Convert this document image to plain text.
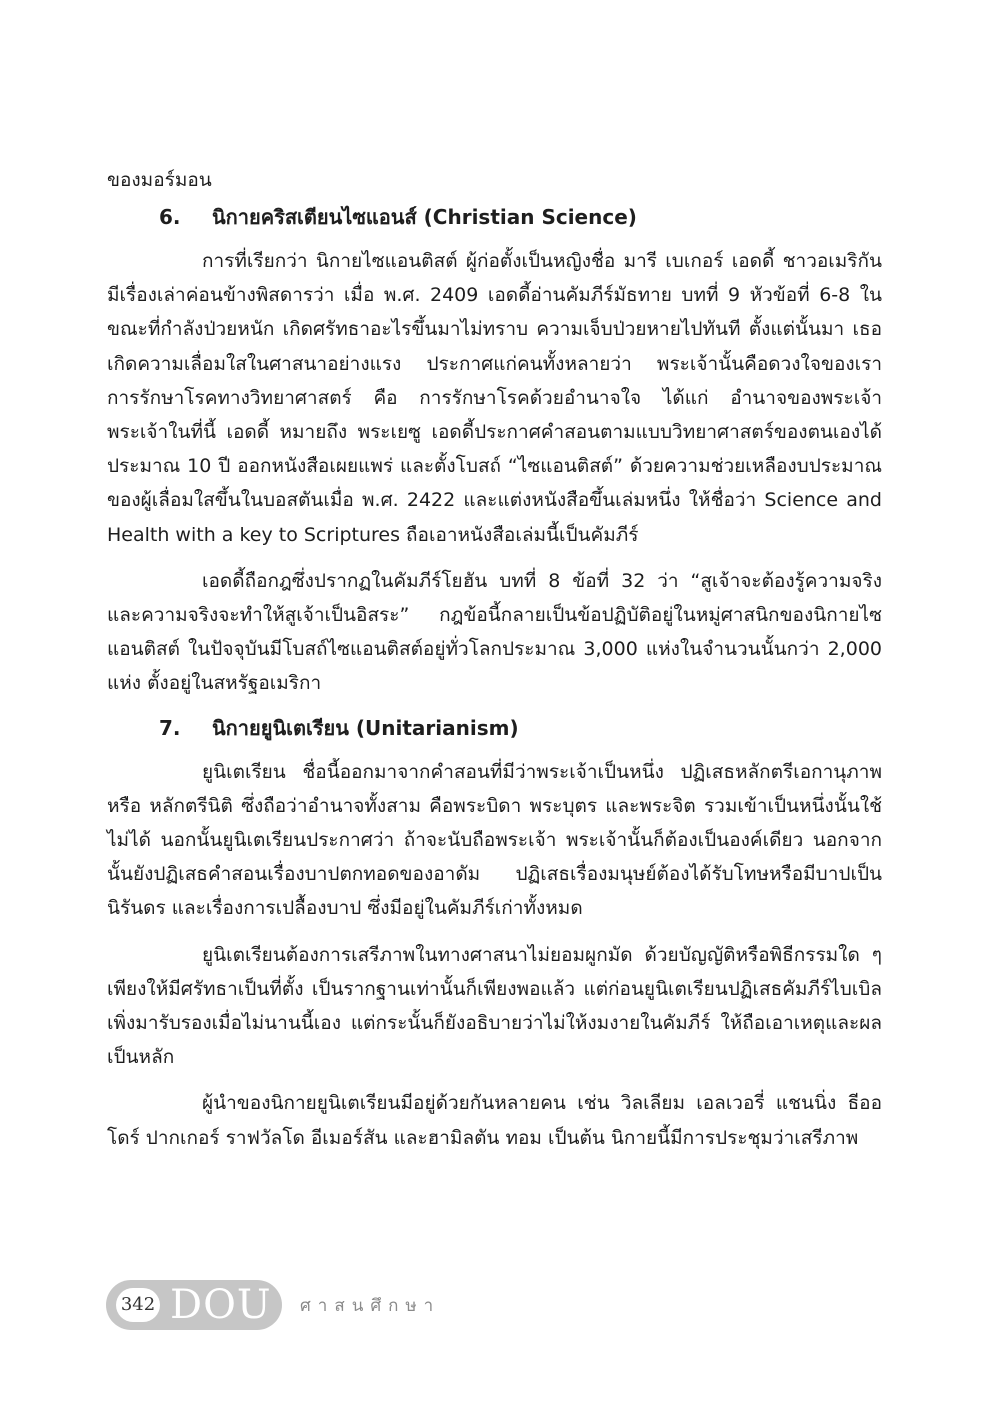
ของมอร์มอน

6.	นิกายคริสเตียนไซแอนส์ (Christian Science)

การที่เรียกว่า นิกายไซแอนติสต์ ผู้ก่อตั้งเป็นหญิงชื่อ มารี เบเกอร์ เอดดี้ ชาวอเมริกัน มีเรื่องเล่าค่อนข้างพิสดารว่า เมื่อ พ.ศ. 2409 เอดดี้อ่านคัมภีร์มัธทาย บทที่ 9 หัวข้อที่ 6-8 ในขณะที่กำลังป่วยหนัก เกิดศรัทธาอะไรขึ้นมาไม่ทราบ ความเจ็บป่วยหายไปทันที ตั้งแต่นั้นมา เธอเกิดความเลื่อมใสในศาสนาอย่างแรง ประกาศแก่คนทั้งหลายว่า พระเจ้านั้นคือดวงใจของเรา การรักษาโรคทางวิทยาศาสตร์ คือ การรักษาโรคด้วยอำนาจใจ ได้แก่ อำนาจของพระเจ้า พระเจ้าในที่นี้ เอดดี้ หมายถึง พระเยซู เอดดี้ประกาศคำสอนตามแบบวิทยาศาสตร์ของตนเองได้ ประมาณ 10 ปี ออกหนังสือเผยแพร่ และตั้งโบสถ์ “ไซแอนติสต์” ด้วยความช่วยเหลืองบประมาณของผู้เลื่อมใสขึ้นในบอสตันเมื่อ พ.ศ. 2422 และแต่งหนังสือขึ้นเล่มหนึ่ง ให้ชื่อว่า Science and Health with a key to Scriptures ถือเอาหนังสือเล่มนี้เป็นคัมภีร์

เอดดี้ถือกฎซึ่งปรากฏในคัมภีร์โยฮัน บทที่ 8 ข้อที่ 32 ว่า “สูเจ้าจะต้องรู้ความจริง และความจริงจะทำให้สูเจ้าเป็นอิสระ” กฎข้อนี้กลายเป็นข้อปฏิบัติอยู่ในหมู่ศาสนิกของนิกายไซแอนติสต์ ในปัจจุบันมีโบสถ์ไซแอนติสต์อยู่ทั่วโลกประมาณ 3,000 แห่งในจำนวนนั้นกว่า 2,000 แห่ง ตั้งอยู่ในสหรัฐอเมริกา

7.	นิกายยูนิเตเรียน (Unitarianism)

ยูนิเตเรียน ชื่อนี้ออกมาจากคำสอนที่มีว่าพระเจ้าเป็นหนึ่ง ปฏิเสธหลักตรีเอกานุภาพ หรือ หลักตรีนิติ ซึ่งถือว่าอำนาจทั้งสาม คือพระบิดา พระบุตร และพระจิต รวมเข้าเป็นหนึ่งนั้นใช้ไม่ได้ นอกนั้นยูนิเตเรียนประกาศว่า ถ้าจะนับถือพระเจ้า พระเจ้านั้นก็ต้องเป็นองค์เดียว นอกจากนั้นยังปฏิเสธคำสอนเรื่องบาปตกทอดของอาดัม ปฏิเสธเรื่องมนุษย์ต้องได้รับโทษหรือมีบาปเป็นนิรันดร และเรื่องการเปลื้องบาป ซึ่งมีอยู่ในคัมภีร์เก่าทั้งหมด

ยูนิเตเรียนต้องการเสรีภาพในทางศาสนาไม่ยอมผูกมัด ด้วยบัญญัติหรือพิธีกรรมใด ๆ เพียงให้มีศรัทธาเป็นที่ตั้ง เป็นรากฐานเท่านั้นก็เพียงพอแล้ว แต่ก่อนยูนิเตเรียนปฏิเสธคัมภีร์ไบเบิลเพิ่งมารับรองเมื่อไม่นานนี้เอง แต่กระนั้นก็ยังอธิบายว่าไม่ให้งมงายในคัมภีร์ ให้ถือเอาเหตุและผลเป็นหลัก

ผู้นำของนิกายยูนิเตเรียนมีอยู่ด้วยกันหลายคน เช่น วิลเลียม เอลเวอรี่ แชนนิ่ง ธีออโดร์ ปากเกอร์ ราฟวัลโด อีเมอร์สัน และฮามิลตัน ทอม เป็นต้น นิกายนี้มีการประชุมว่าเสรีภาพ

342 DOU ศาสนศึกษา
